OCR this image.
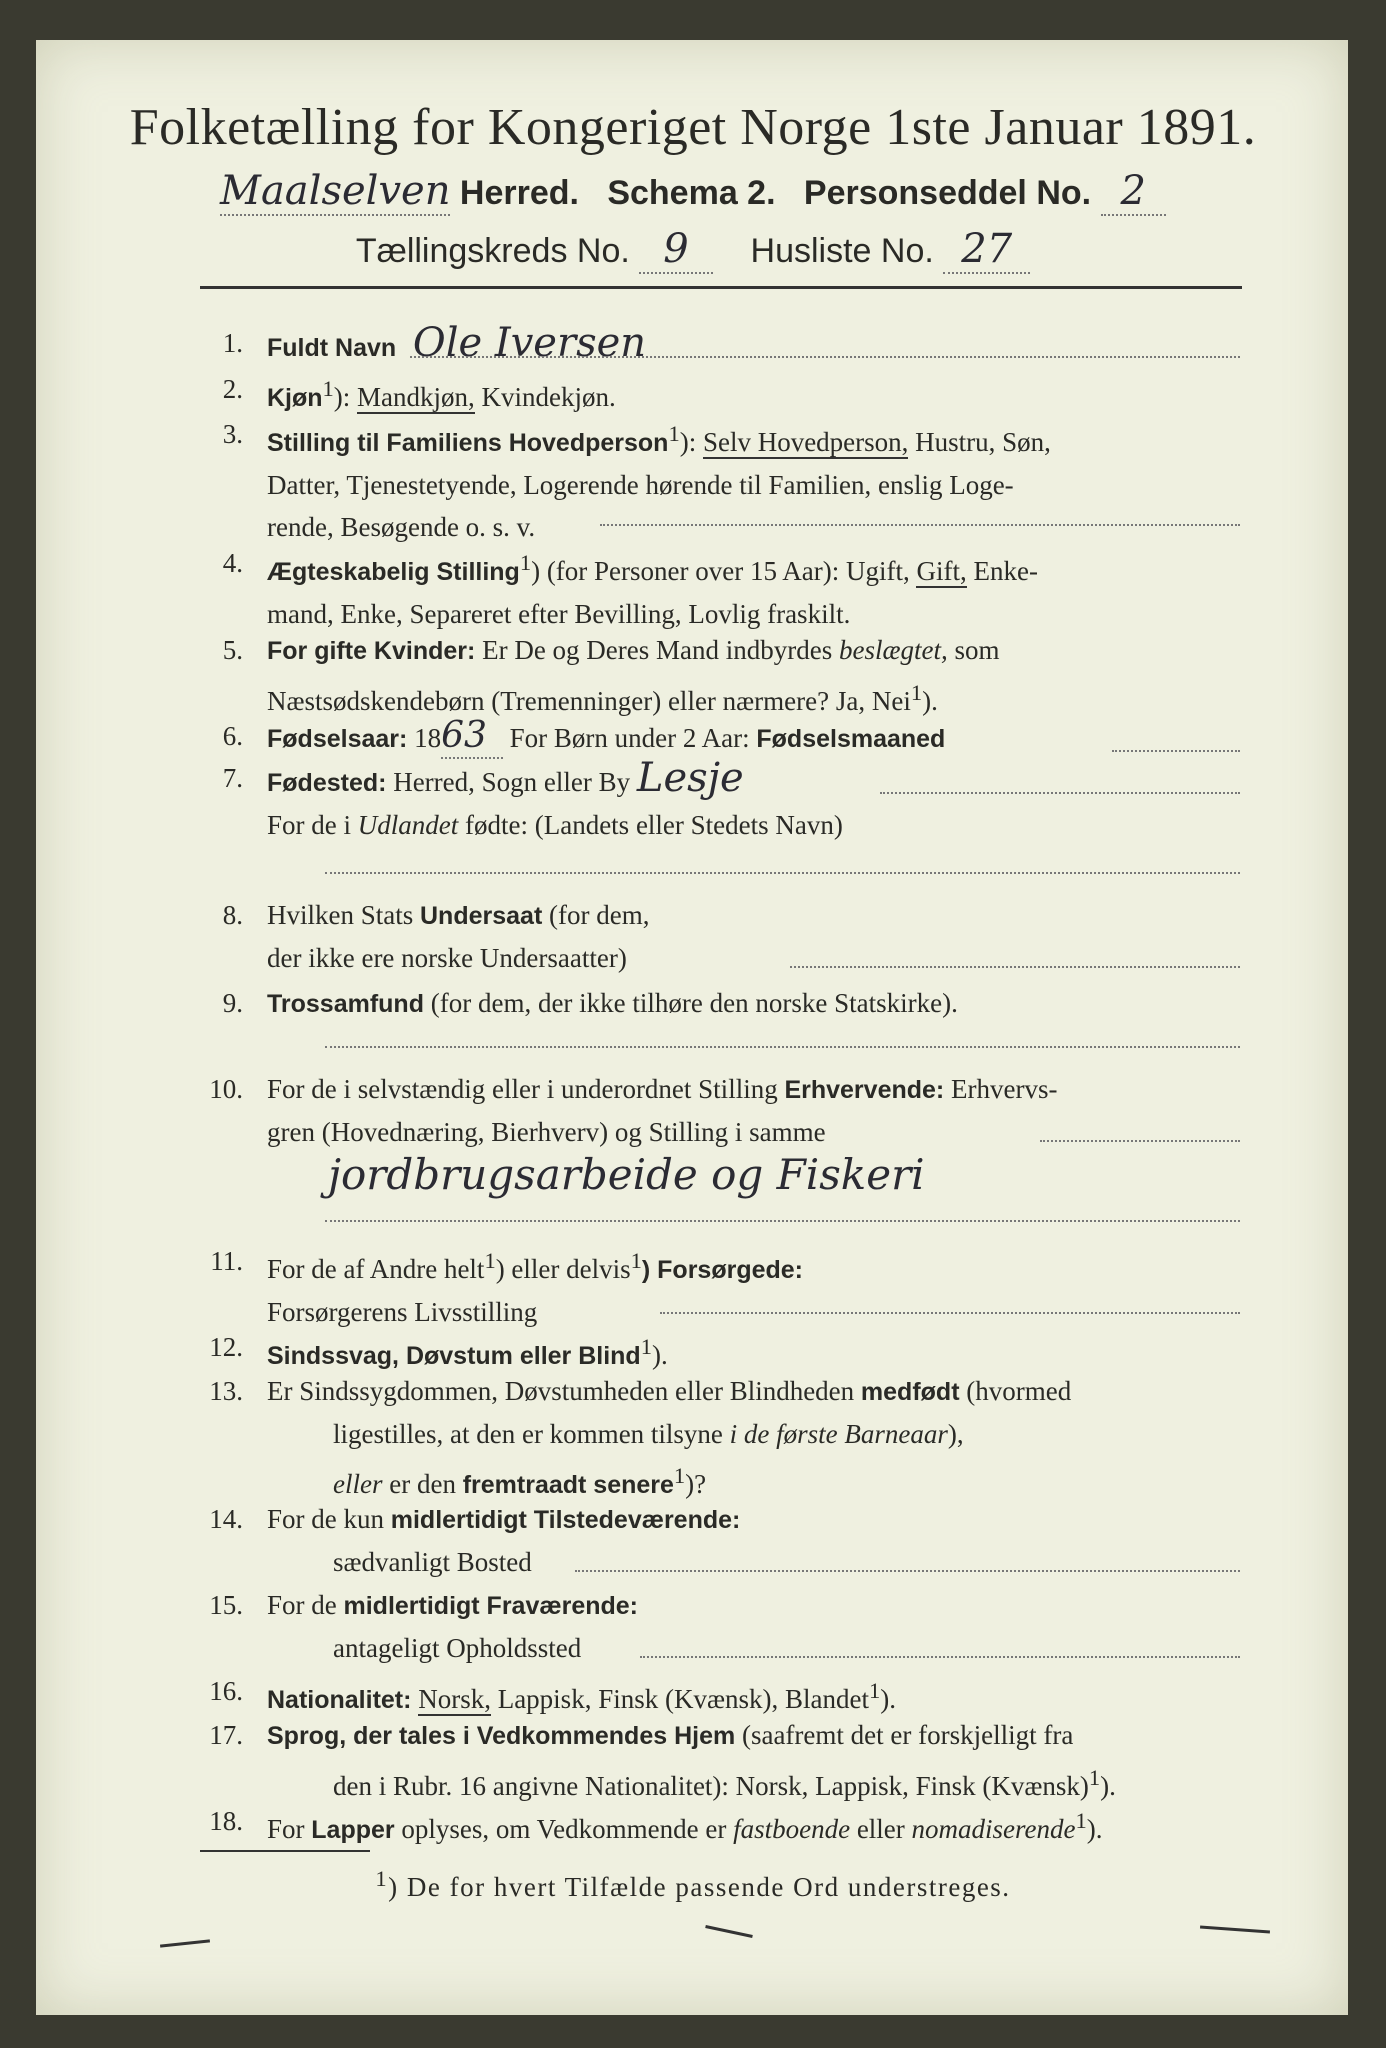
Folketælling for Kongeriget Norge 1ste Januar 1891.
Maalselven Herred. Schema 2. Personseddel No. 2
Tællingskreds No. 9 Husliste No. 27
1. Fuldt Navn Ole Iversen
2. Kjøn$^1$): Mandkjøn, Kvindekjøn.
3. Stilling til Familiens Hovedperson$^1$): Selv Hovedperson, Hustru, Søn,
Datter, Tjenestetyende, Logerende hørende til Familien, enslig Loge-
rende, Besøgende o. s. v.
4. Ægteskabelig Stilling$^1$) (for Personer over 15 Aar): Ugift, Gift, Enke-
mand, Enke, Separeret efter Bevilling, Lovlig fraskilt.
5. For gifte Kvinder: Er De og Deres Mand indbyrdes beslægtet, som
Næstsødskendebørn (Tremenninger) eller nærmere? Ja, Nei$^1$).
6. Fødselsaar: 1863 For Børn under 2 Aar: Fødselsmaaned
7. Fødested: Herred, Sogn eller By Lesje
For de i Udlandet fødte: (Landets eller Stedets Navn)
8. Hvilken Stats Undersaat (for dem,
der ikke ere norske Undersaatter)
9. Trossamfund (for dem, der ikke tilhøre den norske Statskirke).
10. For de i selvstændig eller i underordnet Stilling Erhvervende: Erhvervs-
gren (Hovednæring, Bierhverv) og Stilling i samme
jordbrugsarbeide og Fiskeri
11. For de af Andre helt$^1$) eller delvis$^1$) Forsørgede:
Forsørgerens Livsstilling
12. Sindssvag, Døvstum eller Blind$^1$).
13. Er Sindssygdommen, Døvstumheden eller Blindheden medfødt (hvormed

ligestilles, at den er kommen tilsyne i de første Barneaar),
eller er den fremtraadt senere$^1$)?
14. For de kun midlertidigt Tilstedeværende:

sædvanligt Bosted
15. For de midlertidigt Fraværende:

antageligt Opholdssted
16. Nationalitet: Norsk, Lappisk, Finsk (Kvænsk), Blandet$^1$).
17. Sprog, der tales i Vedkommendes Hjem (saafremt det er forskjelligt fra

den i Rubr. 16 angivne Nationalitet): Norsk, Lappisk, Finsk (Kvænsk)$^1$).
18. For Lapper oplyses, om Vedkommende er fastboende eller nomadiserende$^1$).
$^1$) De for hvert Tilfælde passende Ord understreges.
